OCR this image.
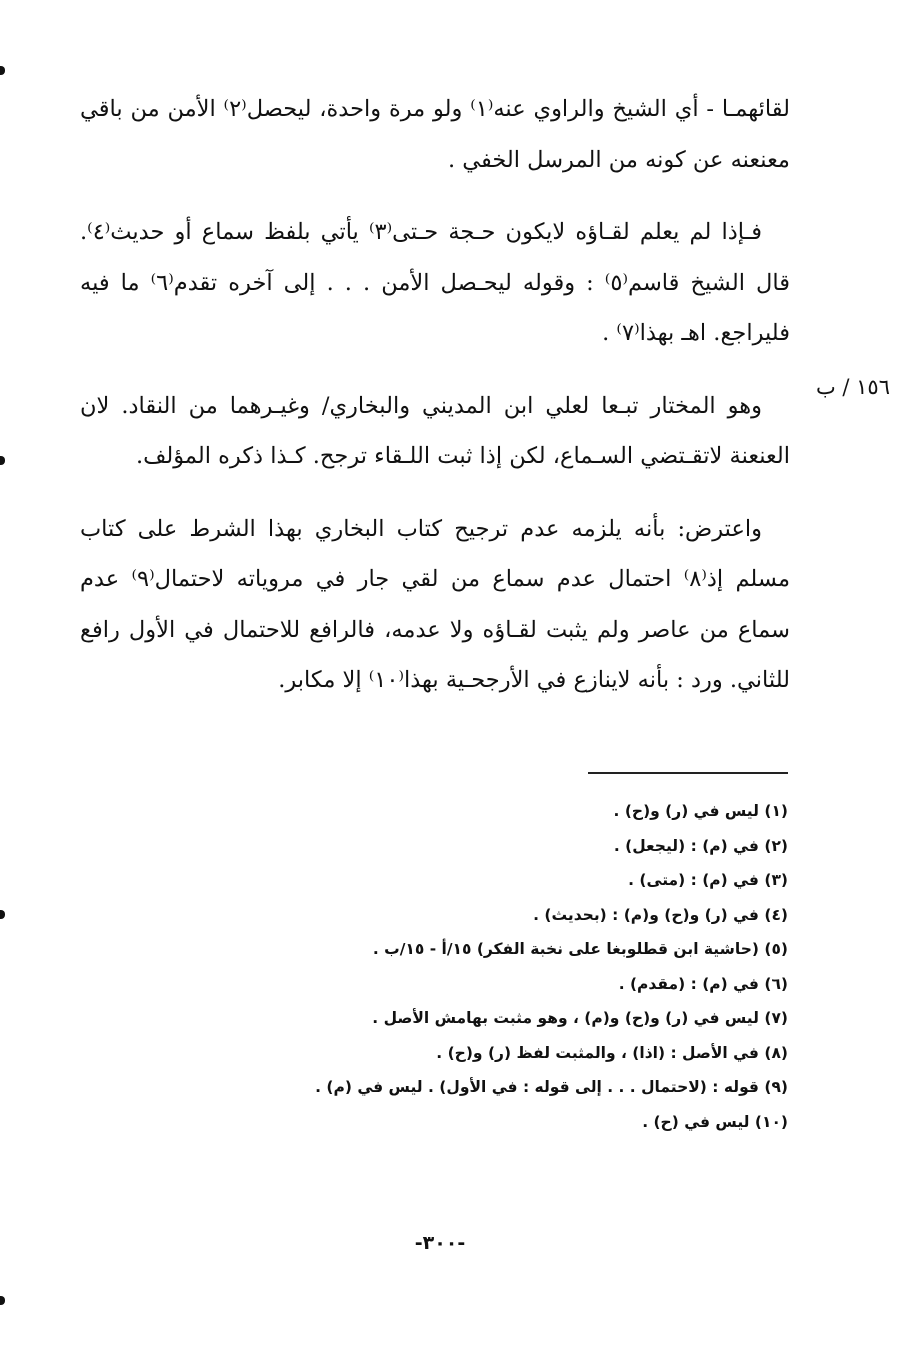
لقائهمـا - أي الشيخ والراوي عنه⁽١⁾ ولو مرة واحدة، ليحصل⁽٢⁾ الأمن من باقي معنعنه عن كونه من المرسل الخفي .

فـإذا لم يعلم لقـاؤه لايكون حـجة حـتى⁽٣⁾ يأتي بلفظ سماع أو حديث⁽٤⁾. قال الشيخ قاسم⁽٥⁾ : وقوله ليحـصل الأمن . . . إلى آخره تقدم⁽٦⁾ ما فيه فليراجع. اهـ بهذا⁽٧⁾ .

وهو المختار تبـعا لعلي ابن المديني والبخاري/ وغيـرهما من النقاد. لان العنعنة لاتقـتضي السـماع، لكن إذا ثبت اللـقاء ترجح. كـذا ذكره المؤلف.

واعترض: بأنه يلزمه عدم ترجيح كتاب البخاري بهذا الشرط على كتاب مسلم إذ⁽٨⁾ احتمال عدم سماع من لقي جار في مروياته لاحتمال⁽٩⁾ عدم سماع من عاصر ولم يثبت لقـاؤه ولا عدمه، فالرافع للاحتمال في الأول رافع للثاني. ورد : بأنه لاينازع في الأرجحـية بهذا⁽١٠⁾ إلا مكابر.

١٥٦ / ب
(١) ليس في (ر) و(ح) .
(٢) في (م) : (ليجعل) .
(٣) في (م) : (متى) .
(٤) في (ر) و(ح) و(م) : (بحديث) .
(٥) (حاشية ابن قطلوبغا على نخبة الفكر) ١٥/أ - ١٥/ب .
(٦) في (م) : (مقدم) .
(٧) ليس في (ر) و(ح) و(م) ، وهو مثبت بهامش الأصل .
(٨) في الأصل : (اذا) ، والمثبت لفظ (ر) و(ح) .
(٩) قوله : (لاحتمال . . . إلى قوله : في الأول) . ليس في (م) .
(١٠) ليس في (ح) .
-٣٠٠-
